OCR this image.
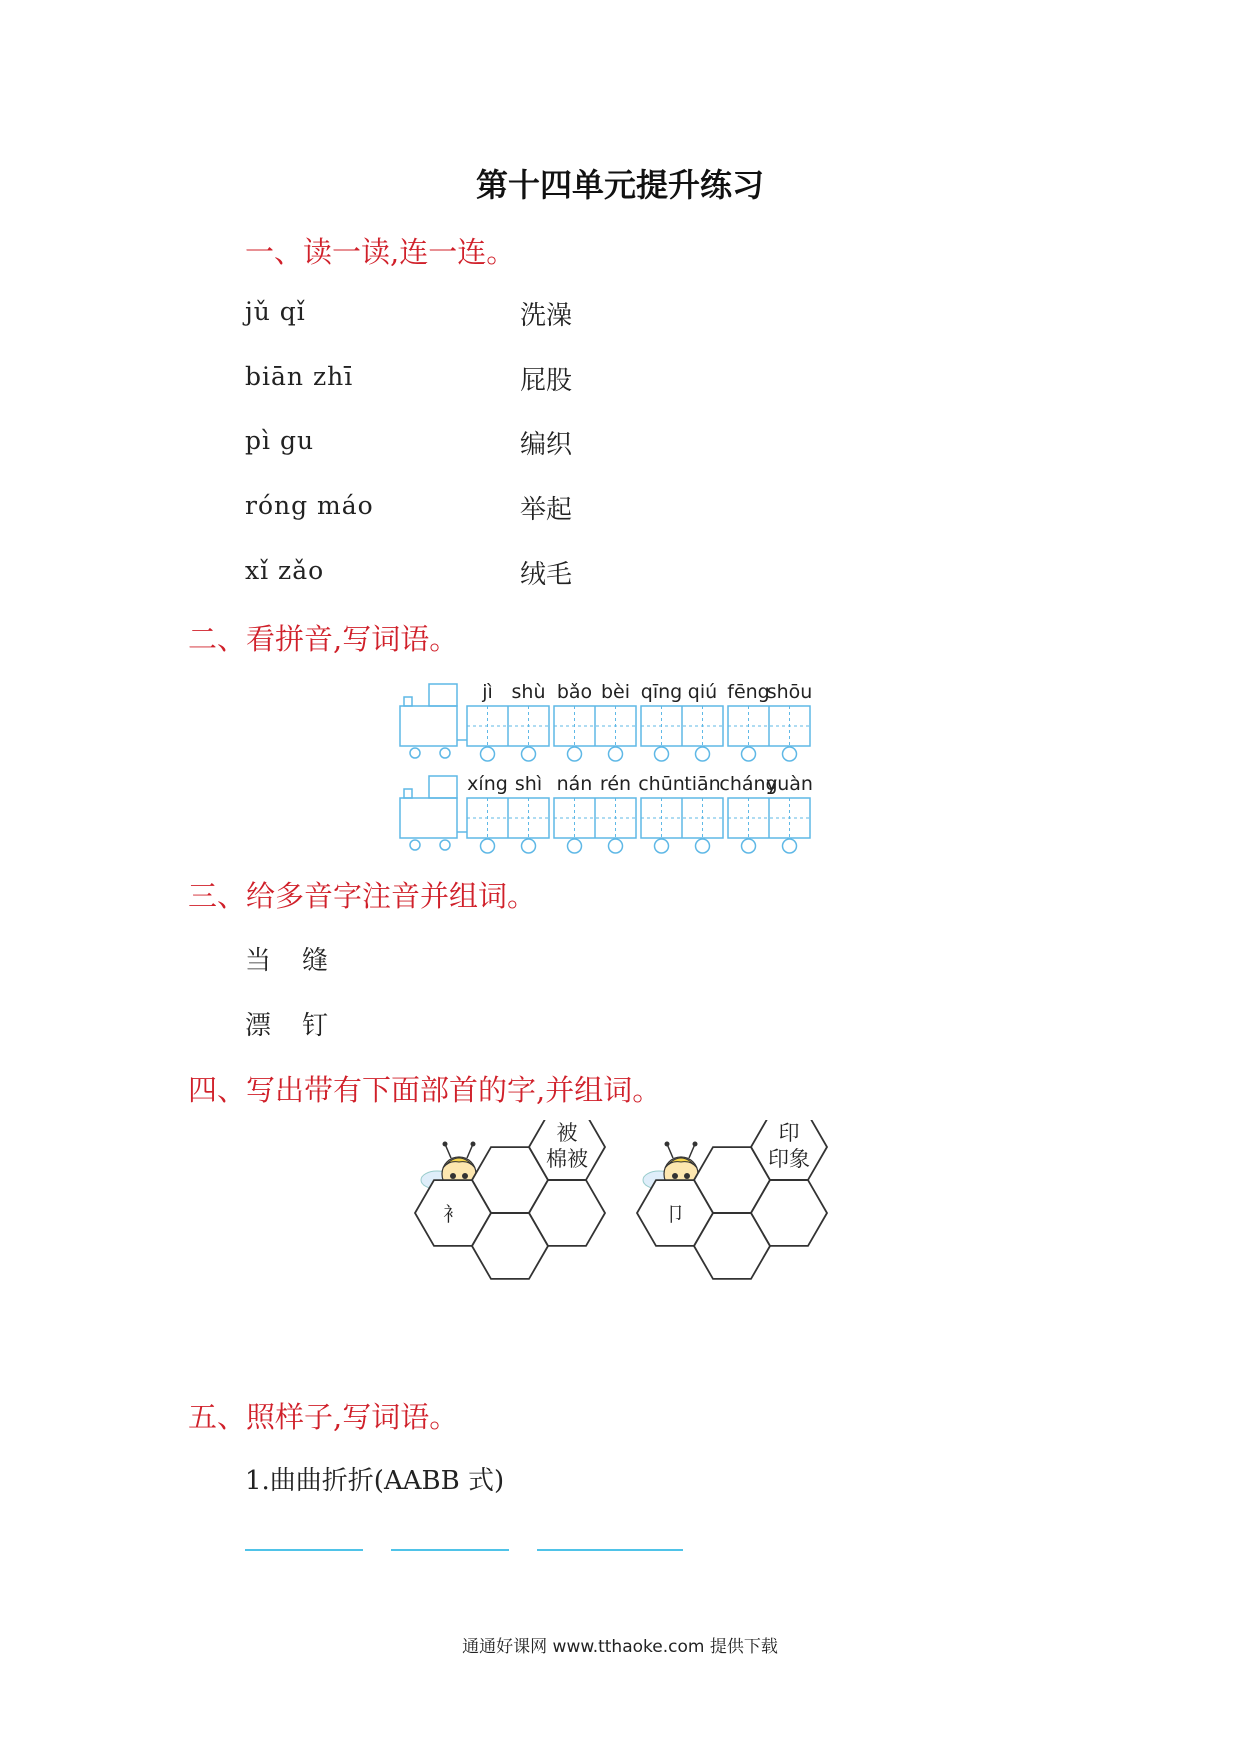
第十四单元提升练习
一、读一读,连一连。
jǔ qǐ
biān zhī
pì gu
róng máo
xǐ zǎo
洗澡
屁股
编织
举起
绒毛
二、看拼音,写词语。
jì shù bǎo bèi qīng qiú fēng
shōu
xíng shì nán rén chūn tiān
cháng
yuàn
三、给多音字注音并组词。
当 缝
漂 钉
四、写出带有下面部首的字,并组词。
衤
被
棉被
卩
印
印象
五、照样子,写词语。
1.曲曲折折(AABB 式)
通通好课网 www.tthaoke.com 提供下载
